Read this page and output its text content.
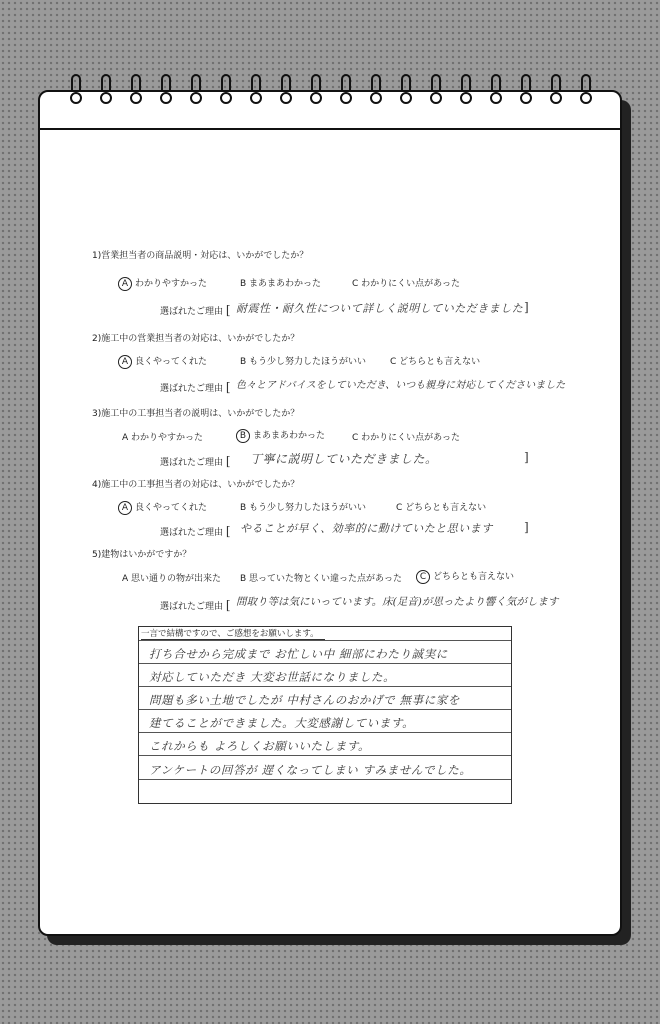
1)営業担当者の商品説明・対応は、いかがでしたか？
A わかりやすかった	B まあまあわかった	C わかりにくい点があった
選ばれたご理由 [ 耐震性・耐久性について詳しく説明していただきました ]
2)施工中の営業担当者の対応は、いかがでしたか？
A 良くやってくれた	B もう少し努力したほうがいい	C どちらとも言えない
選ばれたご理由 [ 色々とアドバイスをしていただき、いつも親身に対応してくださいました
3)施工中の工事担当者の説明は、いかがでしたか？
A わかりやすかった	B まあまあわかった	C わかりにくい点があった
選ばれたご理由 [ 丁寧に説明していただきました。	]
4)施工中の工事担当者の対応は、いかがでしたか？
A 良くやってくれた	B もう少し努力したほうがいい	C どちらとも言えない
選ばれたご理由 [ やることが早く、効率的に動けていたと思います	]
5)建物はいかがですか？
A 思い通りの物が出来た B 思っていた物とくい違った点があった	C どちらとも言えない
選ばれたご理由 [ 間取り等は気にいっています。床(足音)が思ったより響く気がします
一言で結構ですので、ご感想をお願いします。
打ち合せから完成まで お忙しい中 細部にわたり誠実に
対応していただき 大変お世話になりました。
問題も多い土地でしたが 中村さんのおかげで 無事に家を
建てることができました。大変感謝しています。
これからも よろしくお願いいたします。
アンケートの回答が 遅くなってしまい すみませんでした。
